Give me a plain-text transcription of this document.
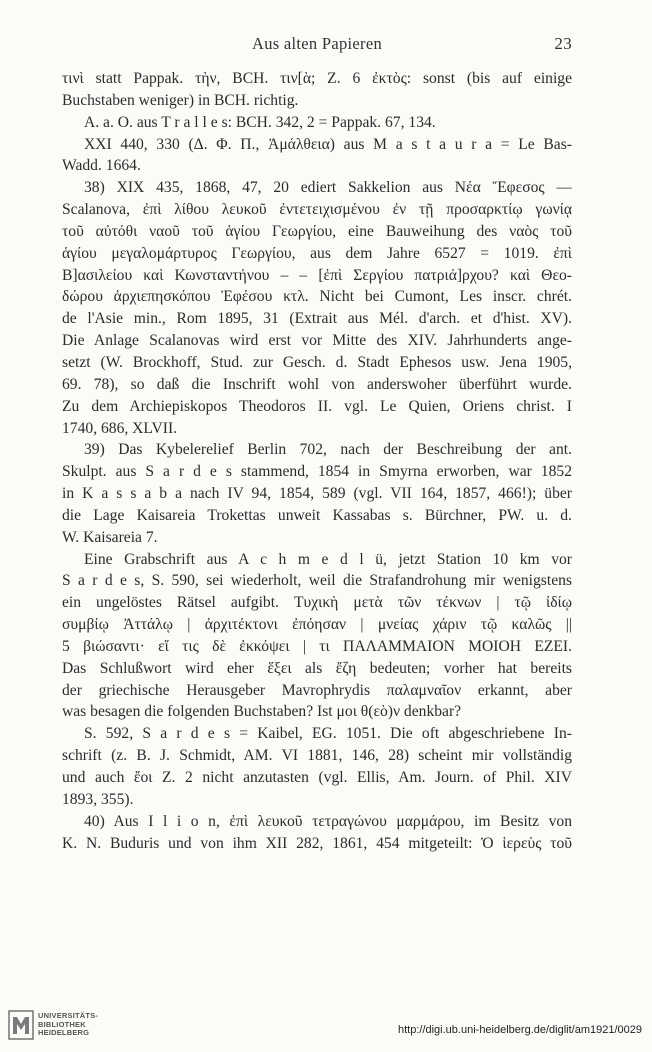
Aus alten Papieren	23
τινὶ statt Pappak. τὴν, BCH. τιν[ὰ; Z. 6 ἐκτὸς: sonst (bis auf einige
Buchstaben weniger) in BCH. richtig.
A. a. O. aus T r a l l e s: BCH. 342, 2 = Pappak. 67, 134.
XXI 440, 330 (Δ. Φ. Π., Ἀμάλθεια) aus M a s t a u r a = Le Bas-
Wadd. 1664.
38) XIX 435, 1868, 47, 20 ediert Sakkelion aus Νέα Ἔφεσος —
Scalanova, ἐπὶ λίθου λευκοῦ ἐντετειχισμένου ἐν τῇ προσαρκτίῳ γωνίᾳ
τοῦ αὐτόθι ναοῦ τοῦ ἁγίου Γεωργίου, eine Bauweihung des ναὸς τοῦ
ἁγίου μεγαλομάρτυρος Γεωργίου, aus dem Jahre 6527 = 1019. ἐπὶ
Β]ασιλείου καὶ Κωνσταντήνου – – [ἐπὶ Σεργίου πατριά]ρχου? καὶ Θεο-
δώρου ἀρχιεπησκόπου Ἐφέσου κτλ. Nicht bei Cumont, Les inscr. chrét.
de l'Asie min., Rom 1895, 31 (Extrait aus Mél. d'arch. et d'hist. XV).
Die Anlage Scalanovas wird erst vor Mitte des XIV. Jahrhunderts ange-
setzt (W. Brockhoff, Stud. zur Gesch. d. Stadt Ephesos usw. Jena 1905,
69. 78), so daß die Inschrift wohl von anderswoher überführt wurde.
Zu dem Archiepiskopos Theodoros II. vgl. Le Quien, Oriens christ. I
1740, 686, XLVII.
39) Das Kybelerelief Berlin 702, nach der Beschreibung der ant.
Skulpt. aus S a r d e s stammend, 1854 in Smyrna erworben, war 1852
in K a s s a b a nach IV 94, 1854, 589 (vgl. VII 164, 1857, 466!); über
die Lage Kaisareia Trokettas unweit Kassabas s. Bürchner, PW. u. d.
W. Kaisareia 7.
Eine Grabschrift aus A c h m e d l ü, jetzt Station 10 km vor
S a r d e s, S. 590, sei wiederholt, weil die Strafandrohung mir wenigstens
ein ungelöstes Rätsel aufgibt. Τυχικὴ μετὰ τῶν τέκνων | τῷ ἰδίῳ
συμβίῳ Ἀττάλῳ | ἀρχιτέκτονι ἐπόησαν | μνείας χάριν τῷ καλῶς ||
5 βιώσαντι· εἴ τις δὲ ἐκκόψει | τι ΠΑΛΑΜΜΑΙΟΝ ΜΟΙΟΗ ΕΖΕΙ.
Das Schlußwort wird eher ἕξει als ἔζη bedeuten; vorher hat bereits
der griechische Herausgeber Mavrophrydis παλαμναῖον erkannt, aber
was besagen die folgenden Buchstaben? Ist μοι θ(εὸ)ν denkbar?
S. 592, S a r d e s = Kaibel, EG. 1051. Die oft abgeschriebene In-
schrift (z. B. J. Schmidt, AM. VI 1881, 146, 28) scheint mir vollständig
und auch ἔοι Z. 2 nicht anzutasten (vgl. Ellis, Am. Journ. of Phil. XIV
1893, 355).
40) Aus I l i o n, ἐπὶ λευκοῦ τετραγώνου μαρμάρου, im Besitz von
K. N. Buduris und von ihm XII 282, 1861, 454 mitgeteilt: Ὁ ἱερεὺς τοῦ
UNIVERSITÄTS-
BIBLIOTHEK
HEIDELBERG	http://digi.ub.uni-heidelberg.de/diglit/am1921/0029
